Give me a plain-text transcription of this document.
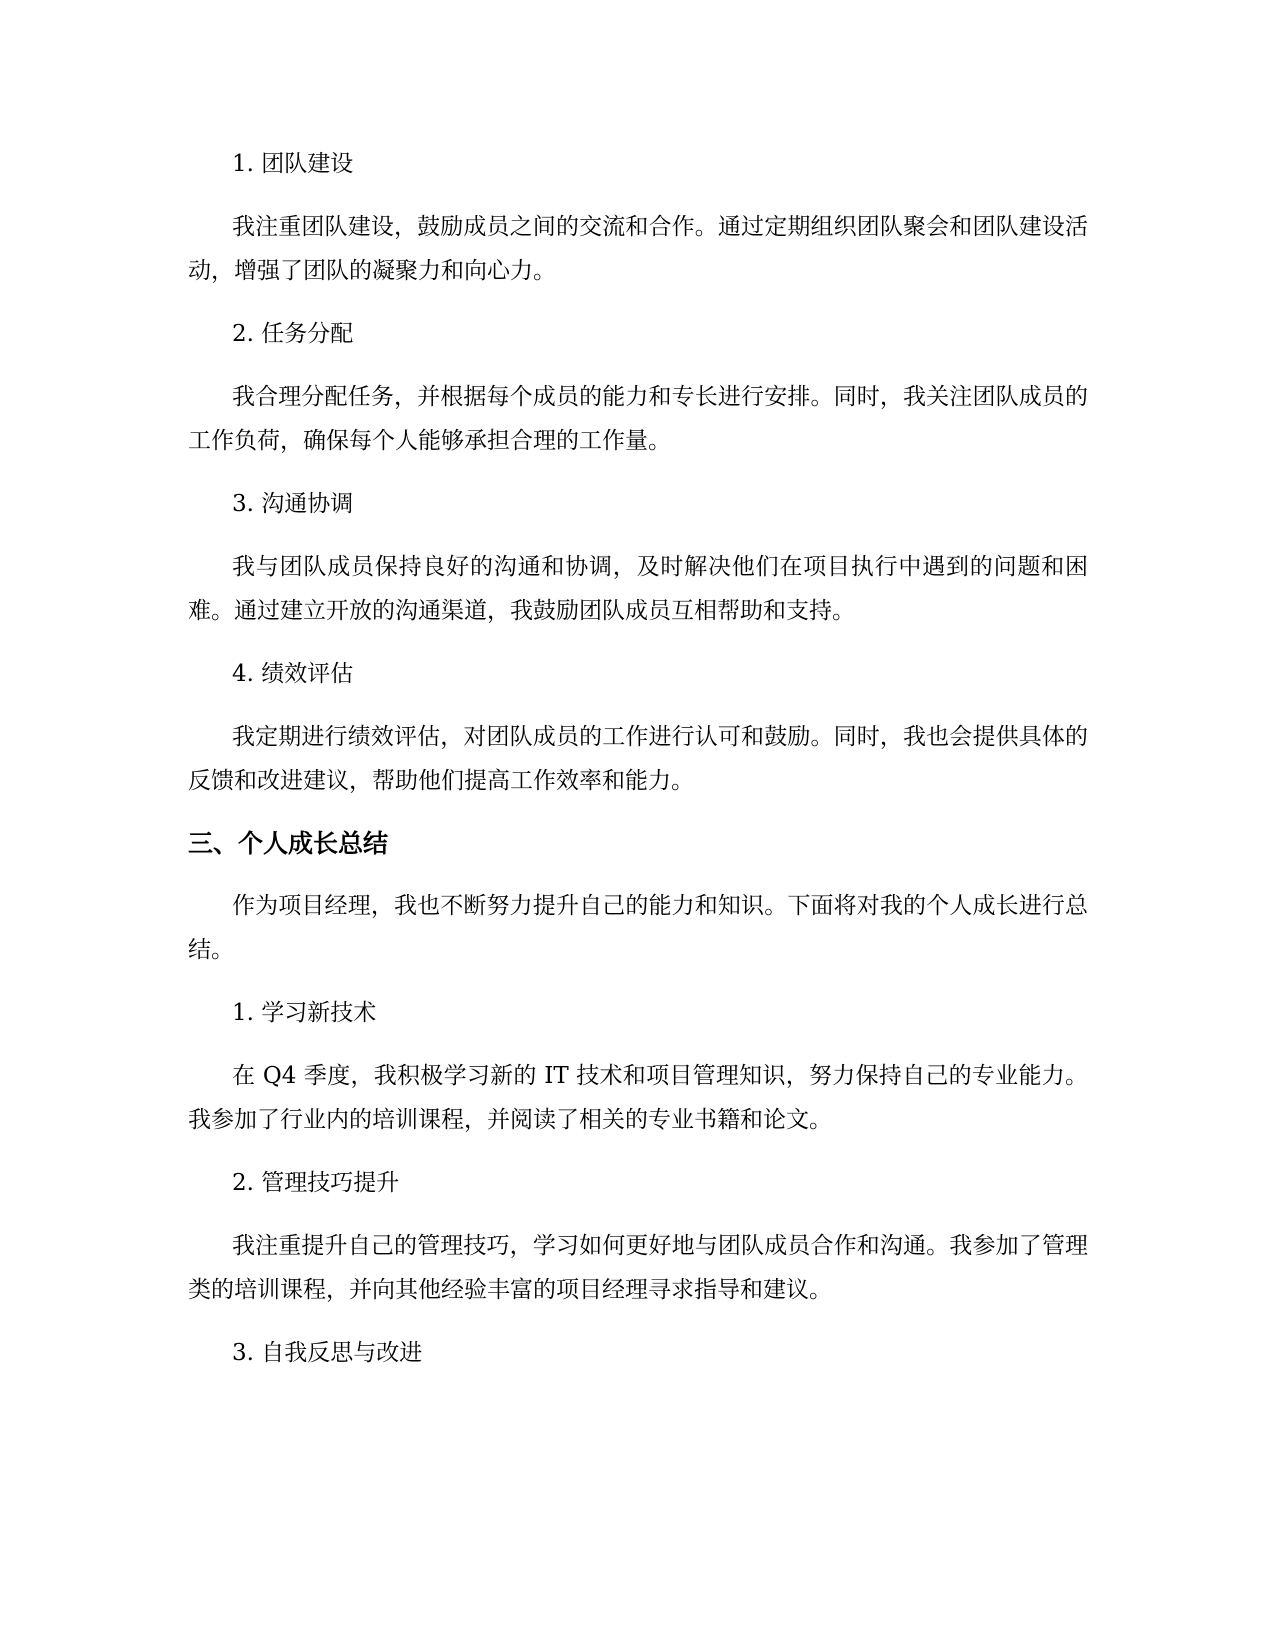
1. 团队建设

我注重团队建设，鼓励成员之间的交流和合作。通过定期组织团队聚会和团队建设活动，增强了团队的凝聚力和向心力。

2. 任务分配

我合理分配任务，并根据每个成员的能力和专长进行安排。同时，我关注团队成员的工作负荷，确保每个人能够承担合理的工作量。

3. 沟通协调

我与团队成员保持良好的沟通和协调，及时解决他们在项目执行中遇到的问题和困难。通过建立开放的沟通渠道，我鼓励团队成员互相帮助和支持。

4. 绩效评估

我定期进行绩效评估，对团队成员的工作进行认可和鼓励。同时，我也会提供具体的反馈和改进建议，帮助他们提高工作效率和能力。

三、个人成长总结

作为项目经理，我也不断努力提升自己的能力和知识。下面将对我的个人成长进行总结。

1. 学习新技术

在 Q4 季度，我积极学习新的 IT 技术和项目管理知识，努力保持自己的专业能力。我参加了行业内的培训课程，并阅读了相关的专业书籍和论文。

2. 管理技巧提升

我注重提升自己的管理技巧，学习如何更好地与团队成员合作和沟通。我参加了管理类的培训课程，并向其他经验丰富的项目经理寻求指导和建议。

3. 自我反思与改进
